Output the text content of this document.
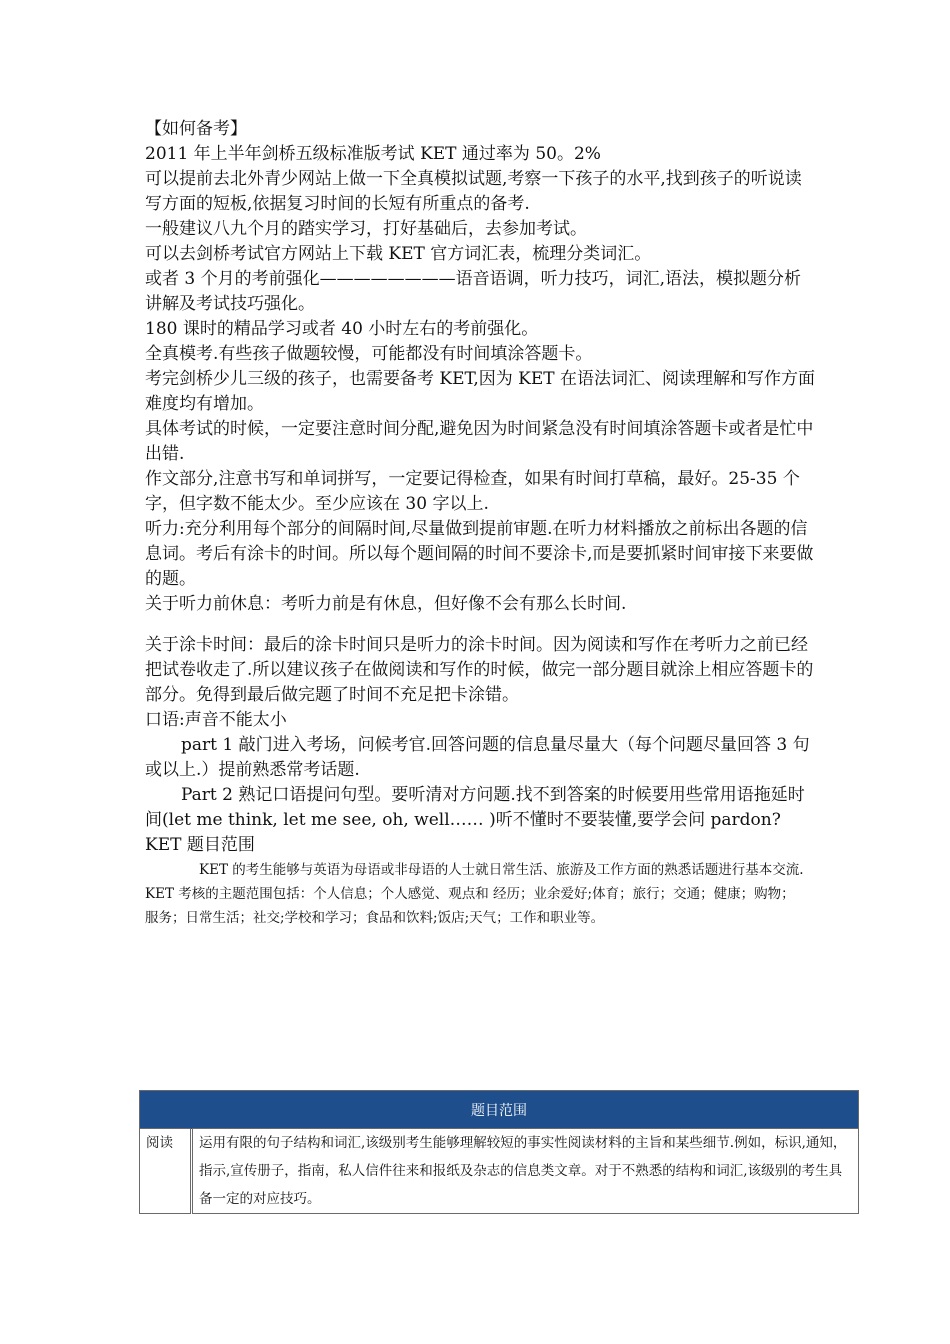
【如何备考】

2011 年上半年剑桥五级标准版考试 KET 通过率为 50。2%

可以提前去北外青少网站上做一下全真模拟试题,考察一下孩子的水平,找到孩子的听说读写方面的短板,依据复习时间的长短有所重点的备考.

一般建议八九个月的踏实学习，打好基础后，去参加考试。

可以去剑桥考试官方网站上下载 KET 官方词汇表，梳理分类词汇。

或者 3 个月的考前强化————————语音语调，听力技巧，词汇,语法，模拟题分析讲解及考试技巧强化。

180 课时的精品学习或者 40 小时左右的考前强化。

全真模考.有些孩子做题较慢，可能都没有时间填涂答题卡。

考完剑桥少儿三级的孩子，也需要备考 KET,因为 KET 在语法词汇、阅读理解和写作方面难度均有增加。

具体考试的时候，一定要注意时间分配,避免因为时间紧急没有时间填涂答题卡或者是忙中出错.

作文部分,注意书写和单词拼写，一定要记得检查，如果有时间打草稿，最好。25-35 个字，但字数不能太少。至少应该在 30 字以上.

听力:充分利用每个部分的间隔时间,尽量做到提前审题.在听力材料播放之前标出各题的信息词。考后有涂卡的时间。所以每个题间隔的时间不要涂卡,而是要抓紧时间审接下来要做的题。

关于听力前休息：考听力前是有休息，但好像不会有那么长时间.

关于涂卡时间：最后的涂卡时间只是听力的涂卡时间。因为阅读和写作在考听力之前已经把试卷收走了.所以建议孩子在做阅读和写作的时候，做完一部分题目就涂上相应答题卡的部分。免得到最后做完题了时间不充足把卡涂错。

口语:声音不能太小

part 1 敲门进入考场，问候考官.回答问题的信息量尽量大（每个问题尽量回答 3 句或以上.）提前熟悉常考话题.

Part 2 熟记口语提问句型。要听清对方问题.找不到答案的时候要用些常用语拖延时间(let me think, let me see, oh, well…… )听不懂时不要装懂,要学会问 pardon?

KET 题目范围

KET 的考生能够与英语为母语或非母语的人士就日常生活、旅游及工作方面的熟悉话题进行基本交流.KET 考核的主题范围包括：个人信息；个人感觉、观点和 经历；业余爱好;体育；旅行；交通；健康；购物；服务；日常生活；社交;学校和学习；食品和饮料;饭店;天气；工作和职业等。

题目范围
阅读	运用有限的句子结构和词汇,该级别考生能够理解较短的事实性阅读材料的主旨和某些细节.例如，标识,通知，指示,宣传册子，指南，私人信件往来和报纸及杂志的信息类文章。对于不熟悉的结构和词汇,该级别的考生具备一定的对应技巧。
